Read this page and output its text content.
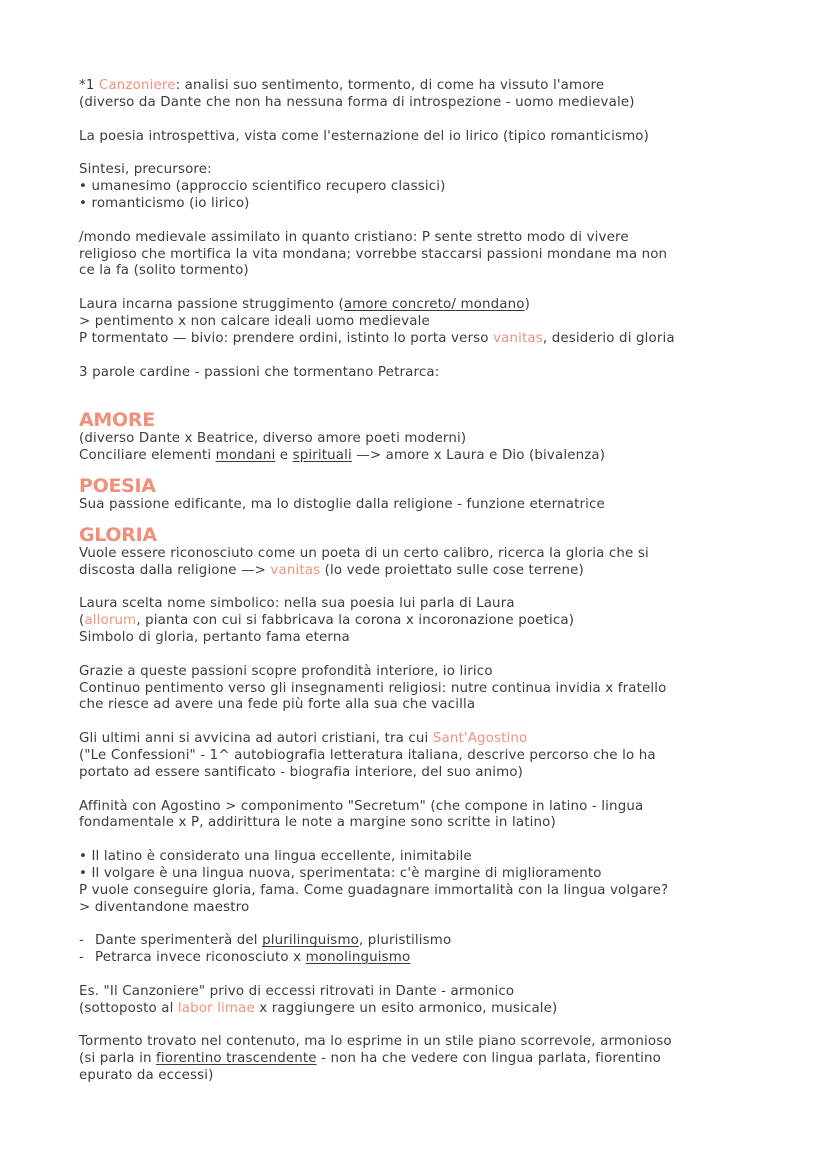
*1 Canzoniere: analisi suo sentimento, tormento, di come ha vissuto l'amore

(diverso da Dante che non ha nessuna forma di introspezione - uomo medievale)

La poesia introspettiva, vista come l'esternazione del io lirico (tipico romanticismo)

Sintesi, precursore:

• umanesimo (approccio scientifico recupero classici)

• romanticismo (io lirico)

/mondo medievale assimilato in quanto cristiano: P sente stretto modo di vivere

religioso che mortifica la vita mondana; vorrebbe staccarsi passioni mondane ma non

ce la fa (solito tormento)

Laura incarna passione struggimento (amore concreto/ mondano)

> pentimento x non calcare ideali uomo medievale

P tormentato — bivio: prendere ordini, istinto lo porta verso vanitas, desiderio di gloria

3 parole cardine - passioni che tormentano Petrarca:

AMORE

(diverso Dante x Beatrice, diverso amore poeti moderni)

Conciliare elementi mondani e spirituali —> amore x Laura e Dio (bivalenza)

POESIA

Sua passione edificante, ma lo distoglie dalla religione - funzione eternatrice

GLORIA

Vuole essere riconosciuto come un poeta di un certo calibro, ricerca la gloria che si

discosta dalla religione —> vanitas (lo vede proiettato sulle cose terrene)

Laura scelta nome simbolico: nella sua poesia lui parla di Laura

(allorum, pianta con cui si fabbricava la corona x incoronazione poetica)

Simbolo di gloria, pertanto fama eterna

Grazie a queste passioni scopre profondità interiore, io lirico

Continuo pentimento verso gli insegnamenti religiosi: nutre continua invidia x fratello

che riesce ad avere una fede più forte alla sua che vacilla

Gli ultimi anni si avvicina ad autori cristiani, tra cui Sant'Agostino

("Le Confessioni" - 1^ autobiografia letteratura italiana, descrive percorso che lo ha

portato ad essere santificato - biografia interiore, del suo animo)

Affinità con Agostino > componimento "Secretum" (che compone in latino - lingua

fondamentale x P, addirittura le note a margine sono scritte in latino)

• Il latino è considerato una lingua eccellente, inimitabile

• Il volgare è una lingua nuova, sperimentata: c'è margine di miglioramento

P vuole conseguire gloria, fama. Come guadagnare immortalità con la lingua volgare?

> diventandone maestro

- Dante sperimenterà del plurilinguismo, pluristilismo

- Petrarca invece riconosciuto x monolinguismo

Es. "Il Canzoniere" privo di eccessi ritrovati in Dante - armonico

(sottoposto al labor limae x raggiungere un esito armonico, musicale)

Tormento trovato nel contenuto, ma lo esprime in un stile piano scorrevole, armonioso

(si parla in fiorentino trascendente - non ha che vedere con lingua parlata, fiorentino

epurato da eccessi)
